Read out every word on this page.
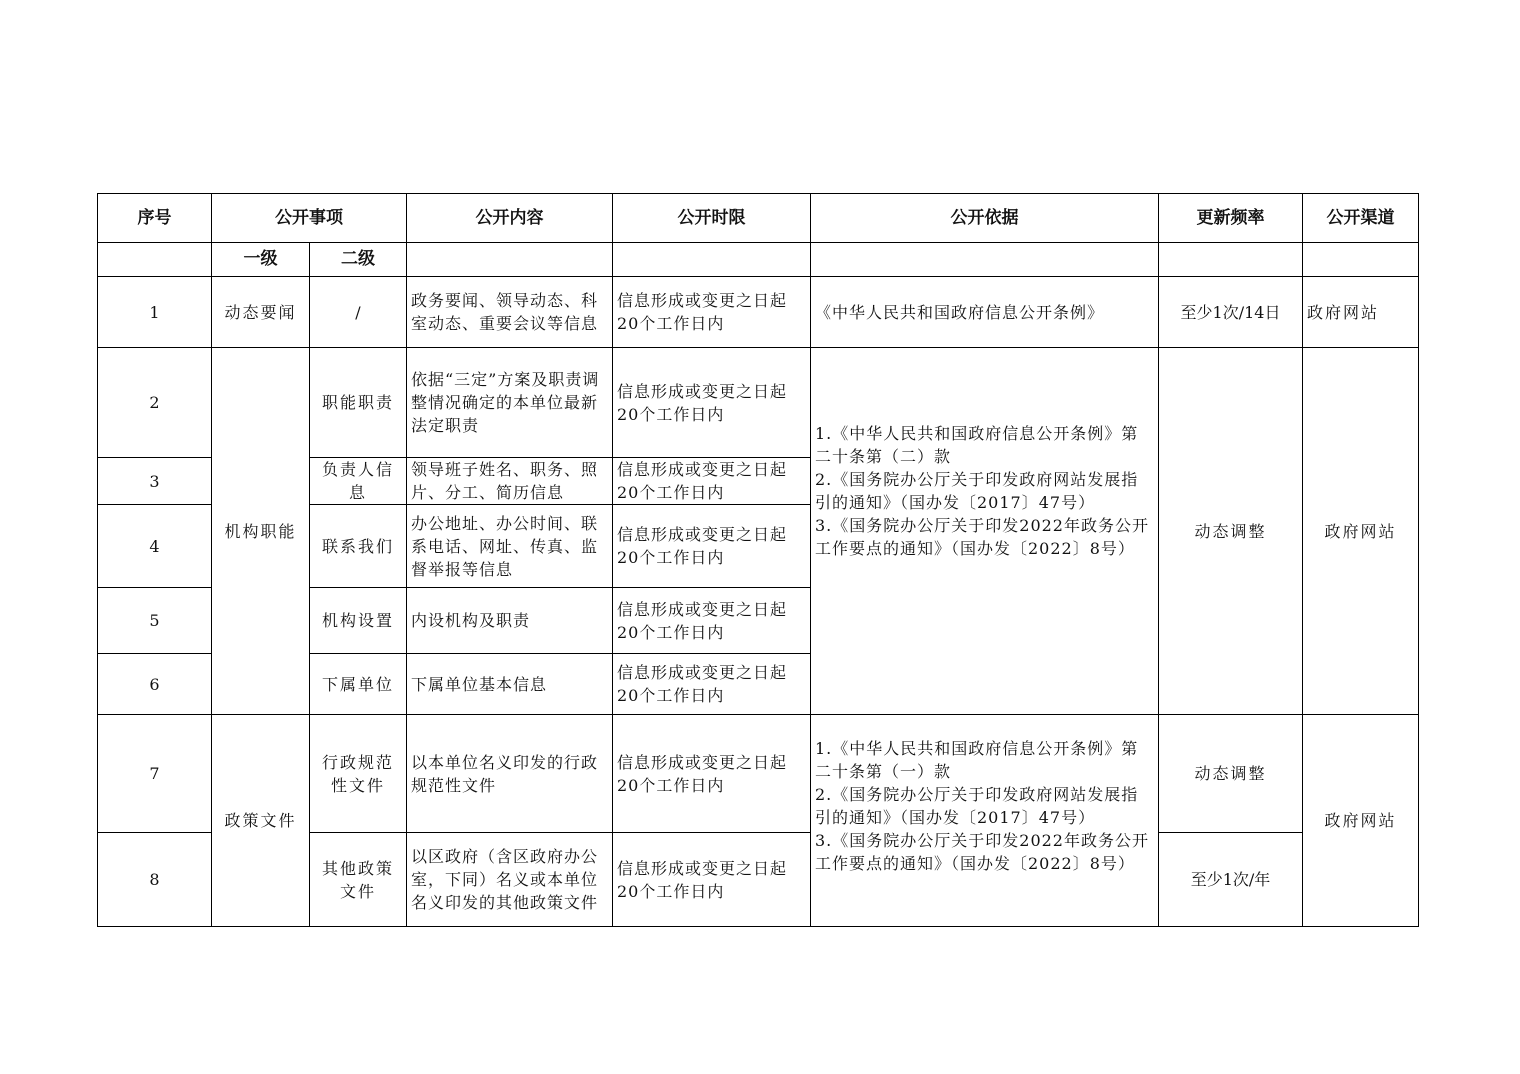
序号	公开事项		公开内容	公开时限	公开依据	更新频率	公开渠道
	一级	二级					
1	动态要闻	/	政务要闻、领导动态、科室动态、重要会议等信息	信息形成或变更之日起20个工作日内	《中华人民共和国政府信息公开条例》	至少1次/14日	政府网站
2	机构职能	职能职责	依据“三定”方案及职责调整情况确定的本单位最新法定职责	信息形成或变更之日起20个工作日内	1.《中华人民共和国政府信息公开条例》第二十条第（二）款
2.《国务院办公厅关于印发政府网站发展指引的通知》（国办发〔2017〕47号）
3.《国务院办公厅关于印发2022年政务公开工作要点的通知》（国办发〔2022〕8号）	动态调整	政府网站
3		负责人信息	领导班子姓名、职务、照片、分工、简历信息	信息形成或变更之日起20个工作日内			
4		联系我们	办公地址、办公时间、联系电话、网址、传真、监督举报等信息	信息形成或变更之日起20个工作日内			
5		机构设置	内设机构及职责	信息形成或变更之日起20个工作日内			
6		下属单位	下属单位基本信息	信息形成或变更之日起20个工作日内			
7	政策文件	行政规范性文件	以本单位名义印发的行政规范性文件	信息形成或变更之日起20个工作日内	1.《中华人民共和国政府信息公开条例》第二十条第（一）款
2.《国务院办公厅关于印发政府网站发展指引的通知》（国办发〔2017〕47号）
3.《国务院办公厅关于印发2022年政务公开工作要点的通知》（国办发〔2022〕8号）	动态调整	政府网站
8		其他政策文件	以区政府（含区政府办公室，下同）名义或本单位名义印发的其他政策文件	信息形成或变更之日起20个工作日内		至少1次/年	
